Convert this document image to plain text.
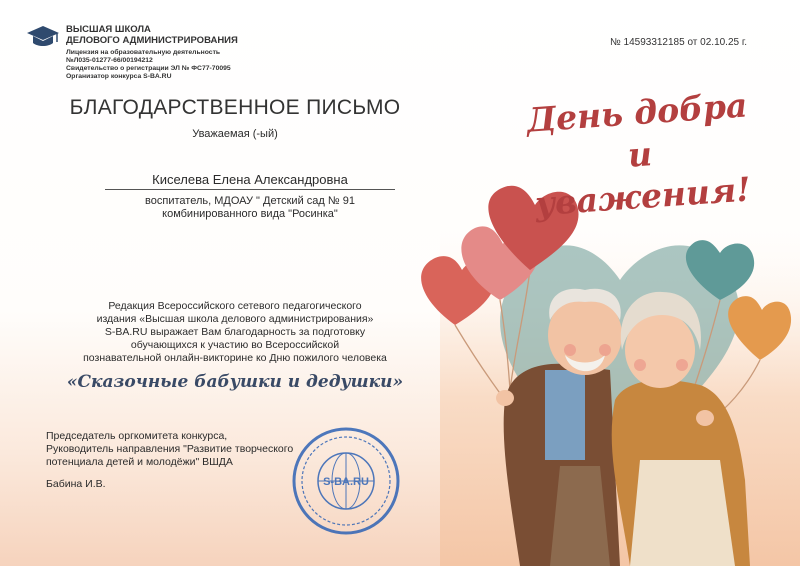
ВЫСШАЯ ШКОЛА
ДЕЛОВОГО АДМИНИСТРИРОВАНИЯ
Лицензия на образовательную деятельность
№Л035-01277-66/00194212
Свидетельство о регистрации ЭЛ № ФС77-70095
Организатор конкурса S-BA.RU
№ 14593312185 от 02.10.25 г.
БЛАГОДАРСТВЕННОЕ ПИСЬМО
Уважаемая (-ый)
Киселева Елена Александровна
воспитатель, МДОАУ " Детский сад № 91
комбинированного вида "Росинка"
Редакция Всероссийского сетевого педагогического
издания «Высшая школа делового администрирования»
S-BA.RU выражает Вам благодарность за подготовку
обучающихся к участию во Всероссийской
познавательной онлайн-викторине ко Дню пожилого человека
«Сказочные бабушки и дедушки»
Председатель оргкомитета конкурса,
Руководитель направления "Развитие творческого
потенциала детей и молодёжи" ВШДА
Бабина И.В.	S-BA.RU
День добра
и уважения!
